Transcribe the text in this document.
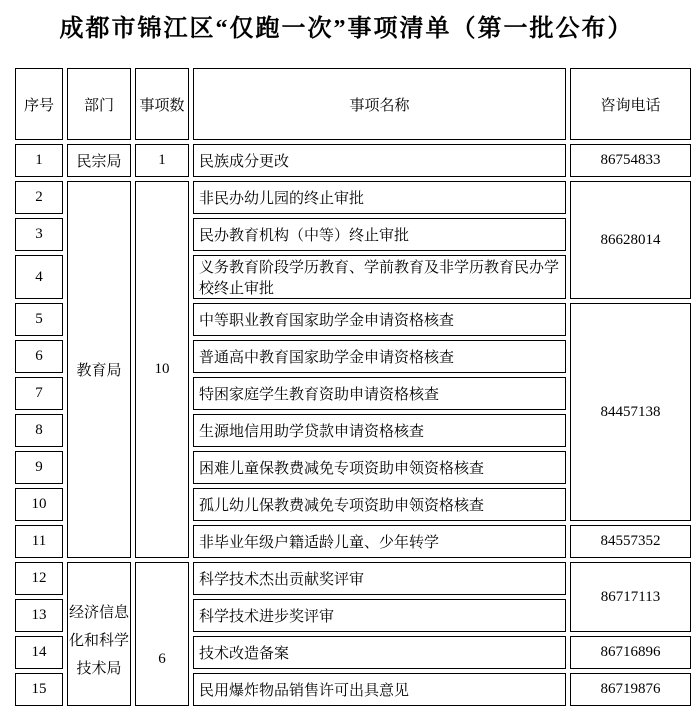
成都市锦江区“仅跑一次”事项清单（第一批公布）
序号	部门	事项数	事项名称	咨询电话
1	民宗局	1	民族成分更改	86754833
2	教育局	10	非民办幼儿园的终止审批	86628014
3			民办教育机构（中等）终止审批	
4			义务教育阶段学历教育、学前教育及非学历教育民办学校终止审批	
5			中等职业教育国家助学金申请资格核查	84457138
6			普通高中教育国家助学金申请资格核查	
7			特困家庭学生教育资助申请资格核查	
8			生源地信用助学贷款申请资格核查	
9			困难儿童保教费减免专项资助申领资格核查	
10			孤儿幼儿保教费减免专项资助申领资格核查	
11			非毕业年级户籍适龄儿童、少年转学	84557352
12	经济信息化和科学技术局	6	科学技术杰出贡献奖评审	86717113
13			科学技术进步奖评审	
14			技术改造备案	86716896
15			民用爆炸物品销售许可出具意见	86719876
